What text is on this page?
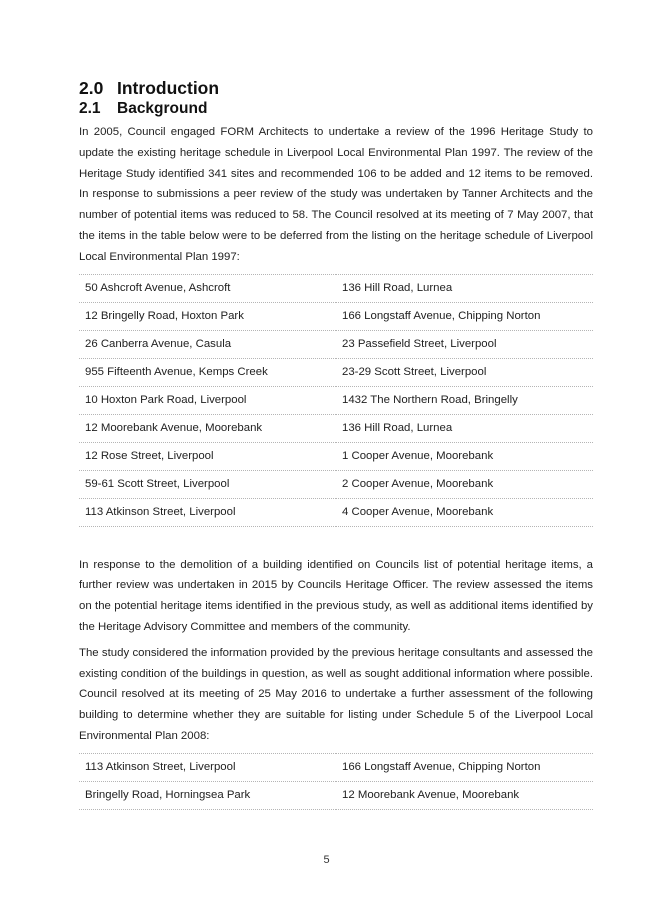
2.0 Introduction
2.1 Background

In 2005, Council engaged FORM Architects to undertake a review of the 1996 Heritage Study to update the existing heritage schedule in Liverpool Local Environmental Plan 1997. The review of the Heritage Study identified 341 sites and recommended 106 to be added and 12 items to be removed. In response to submissions a peer review of the study was undertaken by Tanner Architects and the number of potential items was reduced to 58. The Council resolved at its meeting of 7 May 2007, that the items in the table below were to be deferred from the listing on the heritage schedule of Liverpool Local Environmental Plan 1997:

50 Ashcroft Avenue, Ashcroft	136 Hill Road, Lurnea
12 Bringelly Road, Hoxton Park	166 Longstaff Avenue, Chipping Norton
26 Canberra Avenue, Casula	23 Passefield Street, Liverpool
955 Fifteenth Avenue, Kemps Creek	23-29 Scott Street, Liverpool
10 Hoxton Park Road, Liverpool	1432 The Northern Road, Bringelly
12 Moorebank Avenue, Moorebank	136 Hill Road, Lurnea
12 Rose Street, Liverpool	1 Cooper Avenue, Moorebank
59-61 Scott Street, Liverpool	2 Cooper Avenue, Moorebank
113 Atkinson Street, Liverpool	4 Cooper Avenue, Moorebank

In response to the demolition of a building identified on Councils list of potential heritage items, a further review was undertaken in 2015 by Councils Heritage Officer. The review assessed the items on the potential heritage items identified in the previous study, as well as additional items identified by the Heritage Advisory Committee and members of the community.

The study considered the information provided by the previous heritage consultants and assessed the existing condition of the buildings in question, as well as sought additional information where possible. Council resolved at its meeting of 25 May 2016 to undertake a further assessment of the following building to determine whether they are suitable for listing under Schedule 5 of the Liverpool Local Environmental Plan 2008:

113 Atkinson Street, Liverpool	166 Longstaff Avenue, Chipping Norton
Bringelly Road, Horningsea Park	12 Moorebank Avenue, Moorebank
5
